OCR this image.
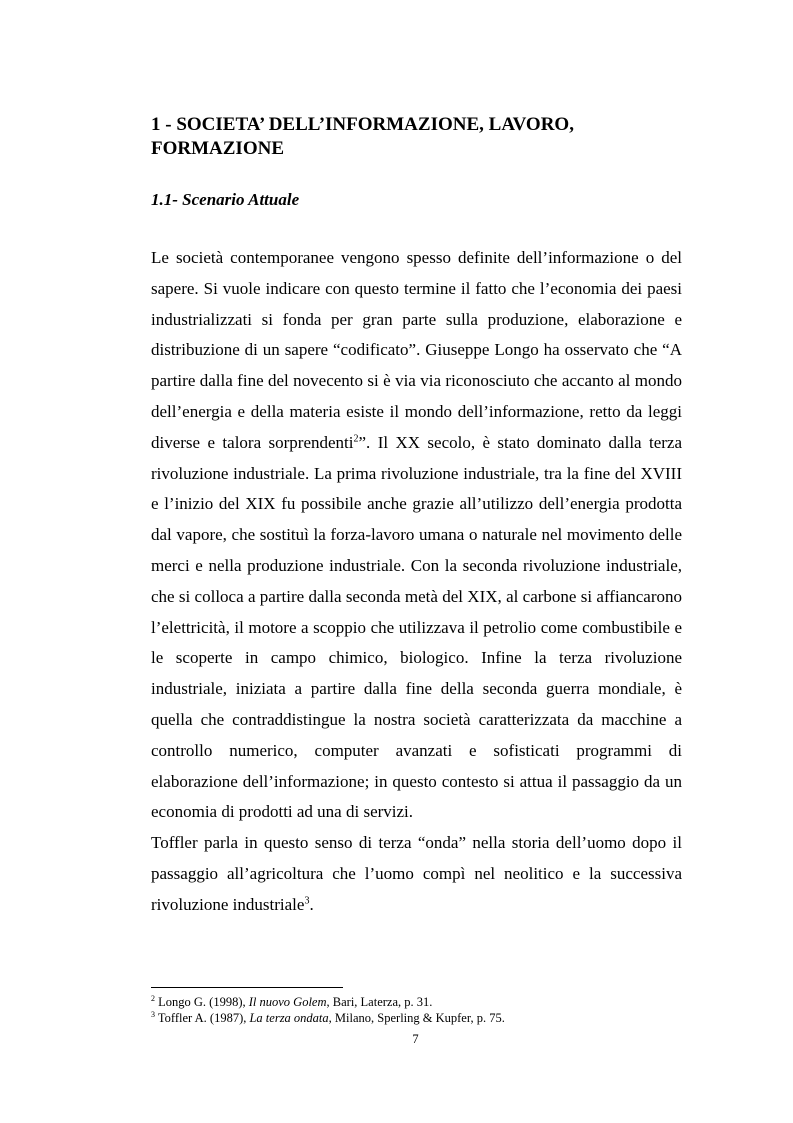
1 - SOCIETA’ DELL’INFORMAZIONE, LAVORO, FORMAZIONE
1.1- Scenario Attuale

Le società contemporanee vengono spesso definite dell’informazione o del sapere. Si vuole indicare con questo termine il fatto che l’economia dei paesi industrializzati si fonda per gran parte sulla produzione, elaborazione e distribuzione di un sapere “codificato”. Giuseppe Longo ha osservato che “A partire dalla fine del novecento si è via via riconosciuto che accanto al mondo dell’energia e della materia esiste il mondo dell’informazione, retto da leggi diverse e talora sorprendenti$^2$”. Il XX secolo, è stato dominato dalla terza rivoluzione industriale. La prima rivoluzione industriale, tra la fine del XVIII e l’inizio del XIX fu possibile anche grazie all’utilizzo dell’energia prodotta dal vapore, che sostituì la forza-lavoro umana o naturale nel movimento delle merci e nella produzione industriale. Con la seconda rivoluzione industriale, che si colloca a partire dalla seconda metà del XIX, al carbone si affiancarono l’elettricità, il motore a scoppio che utilizzava il petrolio come combustibile e le scoperte in campo chimico, biologico. Infine la terza rivoluzione industriale, iniziata a partire dalla fine della seconda guerra mondiale, è quella che contraddistingue la nostra società caratterizzata da macchine a controllo numerico, computer avanzati e sofisticati programmi di elaborazione dell’informazione; in questo contesto si attua il passaggio da un economia di prodotti ad una di servizi.

Toffler parla in questo senso di terza “onda” nella storia dell’uomo dopo il passaggio all’agricoltura che l’uomo compì nel neolitico e la successiva rivoluzione industriale$^3$.

$^2$ Longo G. (1998), Il nuovo Golem, Bari, Laterza, p. 31.
$^3$ Toffler A. (1987), La terza ondata, Milano, Sperling & Kupfer, p. 75.
7
